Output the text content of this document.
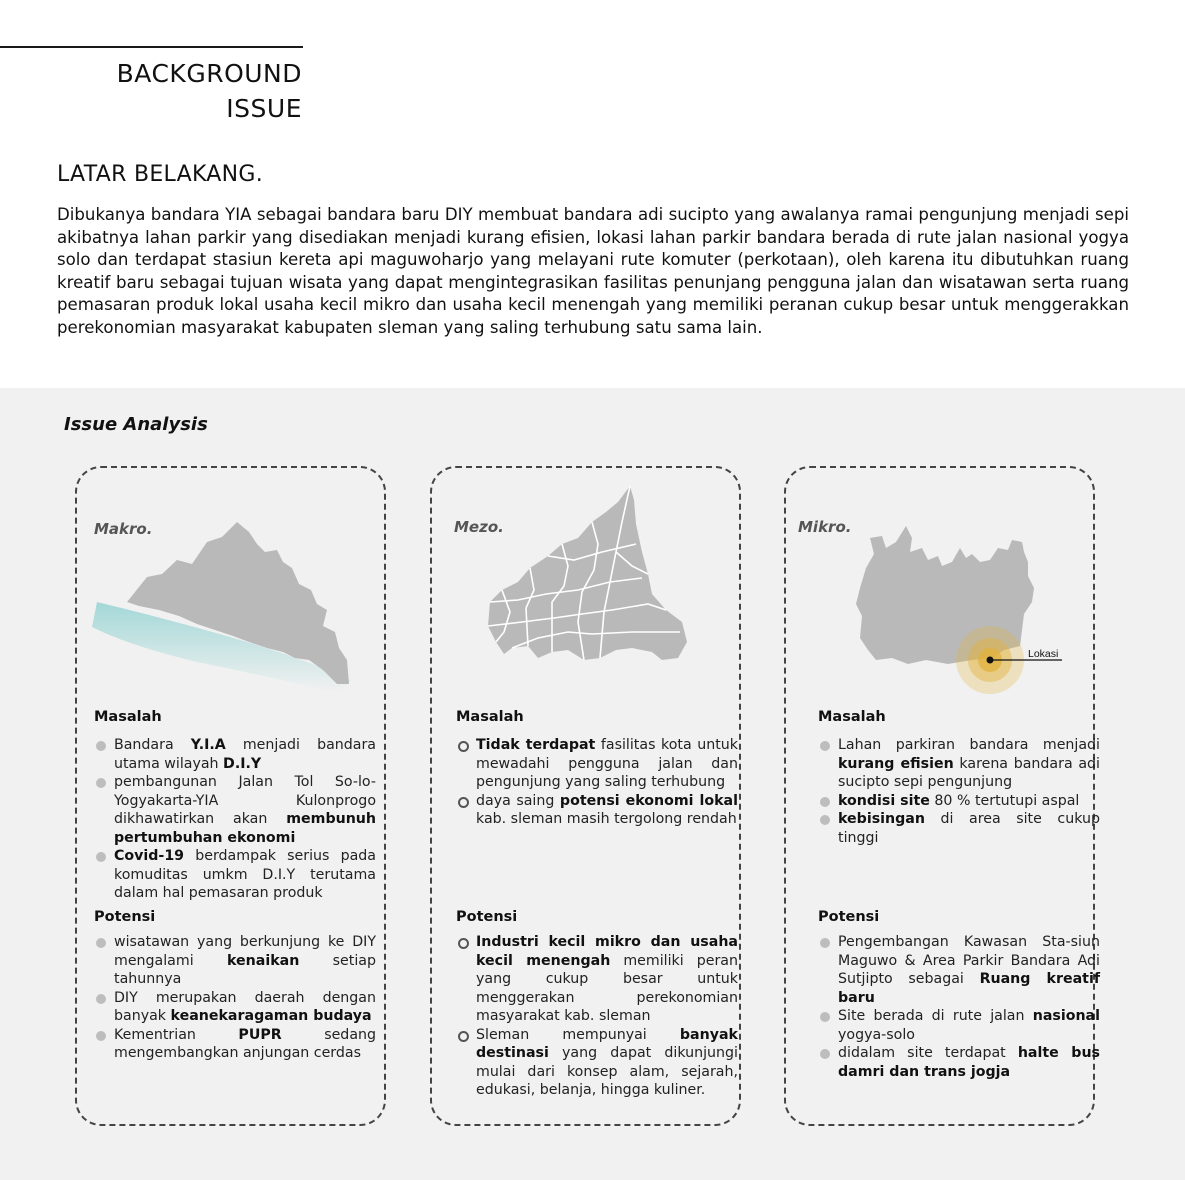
BACKGROUND
ISSUE
LATAR BELAKANG.

Dibukanya bandara YIA sebagai bandara baru DIY membuat bandara adi sucipto yang awalanya ramai pengunjung menjadi sepi akibatnya lahan parkir yang disediakan menjadi kurang efisien, lokasi lahan parkir bandara berada di rute jalan nasional yogya solo dan terdapat stasiun kereta api maguwoharjo yang melayani rute komuter (perkotaan), oleh karena itu dibutuhkan ruang kreatif baru sebagai tujuan wisata yang dapat mengintegrasikan fasilitas penunjang pengguna jalan dan wisatawan serta ruang pemasaran produk lokal usaha kecil mikro dan usaha kecil menengah yang memiliki peranan cukup besar untuk menggerakkan perekonomian masyarakat kabupaten sleman yang saling terhubung satu sama lain.

Issue Analysis
Makro.
Masalah
Bandara Y.I.A menjadi bandara utama wilayah D.I.Y
pembangunan Jalan Tol So-lo-Yogyakarta-YIA Kulonprogo dikhawatirkan akan membunuh pertumbuhan ekonomi
Covid-19 berdampak serius pada komuditas umkm D.I.Y terutama dalam hal pemasaran produk
Potensi
wisatawan yang berkunjung ke DIY mengalami kenaikan setiap tahunnya
DIY merupakan daerah dengan banyak keanekaragaman budaya
Kementrian PUPR sedang mengembangkan anjungan cerdas
Mezo.
Masalah
Tidak terdapat fasilitas kota untuk mewadahi pengguna jalan dan pengunjung yang saling terhubung
daya saing potensi ekonomi lokal kab. sleman masih tergolong rendah
Potensi
Industri kecil mikro dan usaha kecil menengah memiliki peran yang cukup besar untuk menggerakan perekonomian masyarakat kab. sleman
Sleman mempunyai banyak destinasi yang dapat dikunjungi mulai dari konsep alam, sejarah, edukasi, belanja, hingga kuliner.
Mikro.
Lokasi
Masalah
Lahan parkiran bandara menjadi kurang efisien karena bandara adi sucipto sepi pengunjung
kondisi site 80 % tertutupi aspal
kebisingan di area site cukup tinggi
Potensi
Pengembangan Kawasan Sta-siun Maguwo & Area Parkir Bandara Adi Sutjipto sebagai Ruang kreatif baru
Site berada di rute jalan nasional yogya-solo
didalam site terdapat halte bus damri dan trans jogja
